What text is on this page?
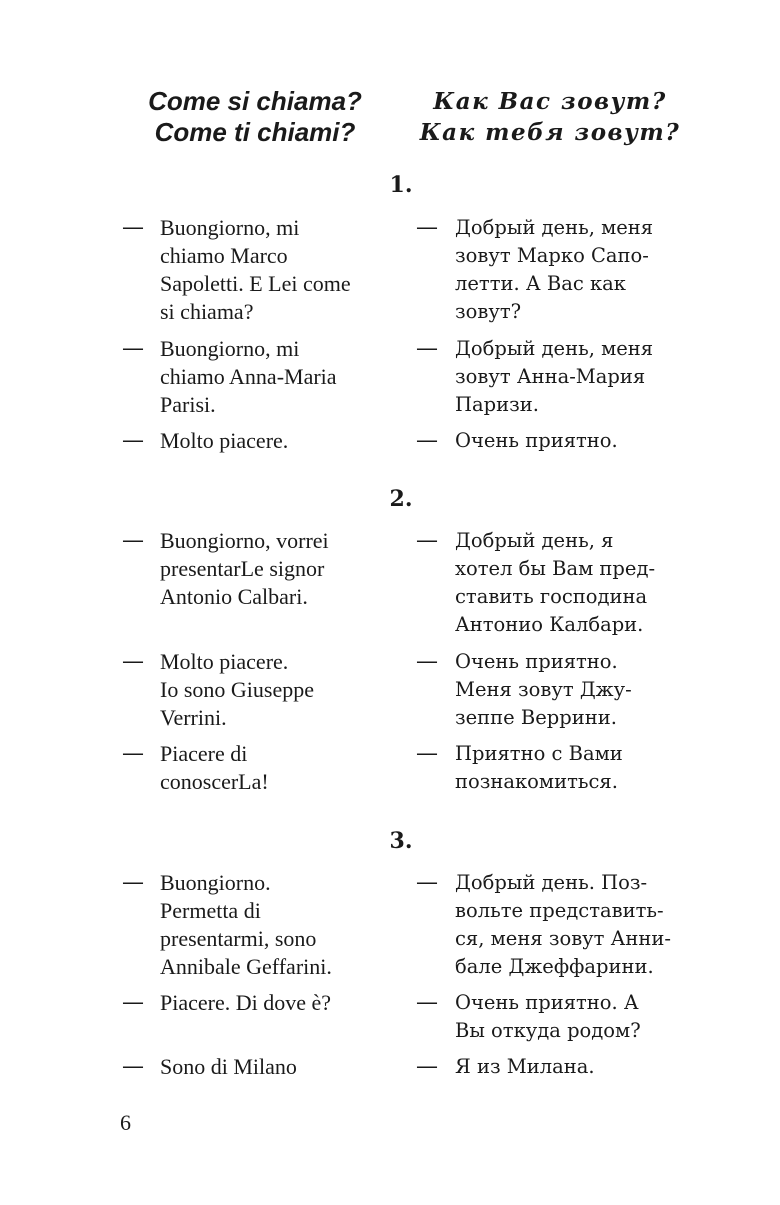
Come si chiama?
Come ti chiami?
Как Вас зовут?
Как тебя зовут?
1.
— Buongiorno, mi
chiamo Marco
Sapoletti. E Lei come
si chiama?
— Добрый день, меня
зовут Марко Сапо-
летти. А Вас как
зовут?
— Buongiorno, mi
chiamo Anna-Maria
Parisi.
— Добрый день, меня
зовут Анна-Мария
Паризи.
— Molto piacere.	— Очень приятно.
2.
— Buongiorno, vorrei
presentarLe signor
Antonio Calbari.
— Добрый день, я
хотел бы Вам пред-
ставить господина
Антонио Калбари.
— Molto piacere.
Io sono Giuseppe
Verrini.
— Очень приятно.
Меня зовут Джу-
зеппе Веррини.
— Piacere di
conoscerLa!
— Приятно с Вами
познакомиться.
3.
— Buongiorno.
Permetta di
presentarmi, sono
Annibale Geffarini.
— Добрый день. Поз-
вольте представить-
ся, меня зовут Анни-
бале Джеффарини.
— Piacere. Di dove è?	— Очень приятно. А
Вы откуда родом?
— Sono di Milano	— Я из Милана.
6
